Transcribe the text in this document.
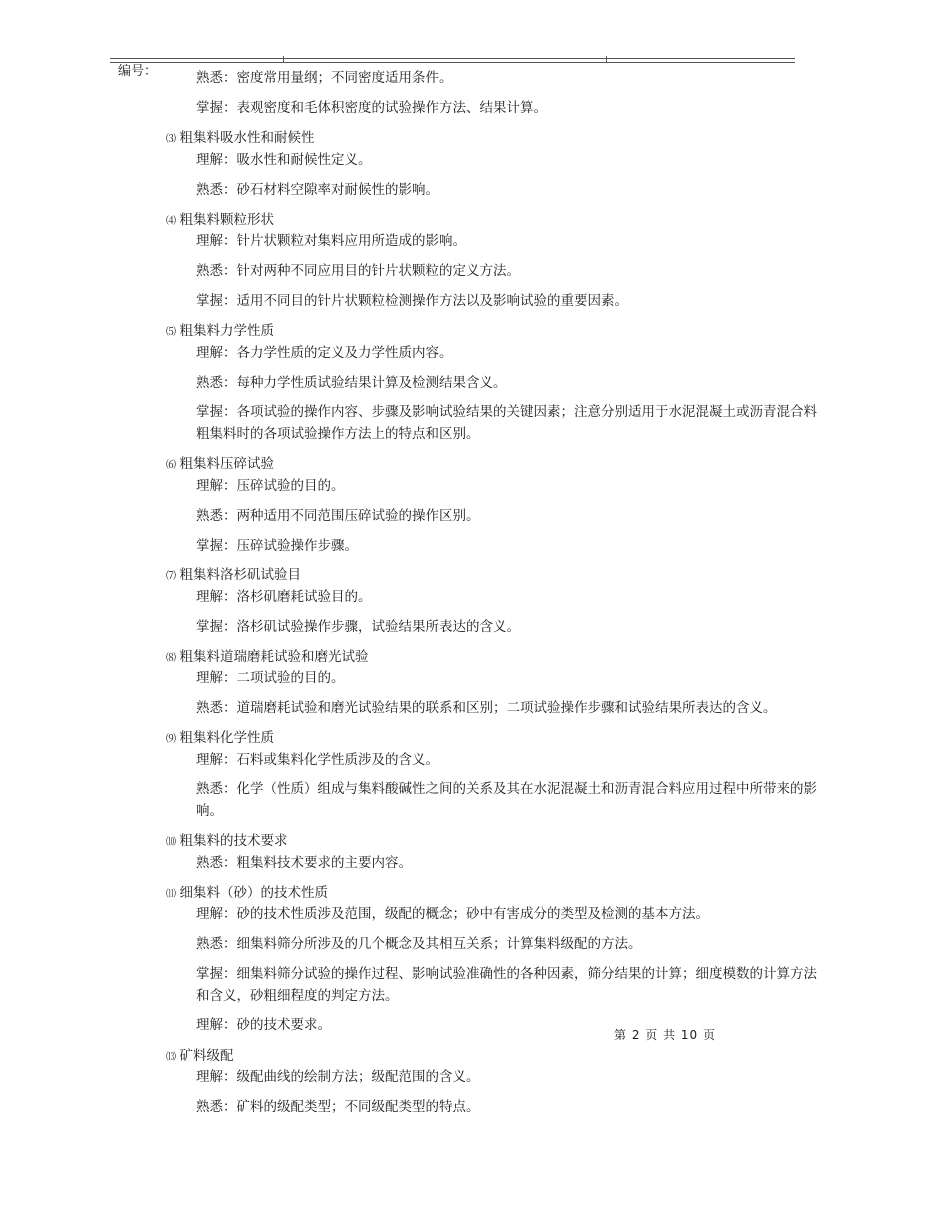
编号：	熟悉：密度常用量纲；不同密度适用条件。
掌握：表观密度和毛体积密度的试验操作方法、结果计算。
⑶ 粗集料吸水性和耐候性
理解：吸水性和耐候性定义。
熟悉：砂石材料空隙率对耐候性的影响。
⑷ 粗集料颗粒形状
理解：针片状颗粒对集料应用所造成的影响。
熟悉：针对两种不同应用目的针片状颗粒的定义方法。
掌握：适用不同目的针片状颗粒检测操作方法以及影响试验的重要因素。
⑸ 粗集料力学性质
理解：各力学性质的定义及力学性质内容。
熟悉：每种力学性质试验结果计算及检测结果含义。
掌握：各项试验的操作内容、步骤及影响试验结果的关键因素；注意分别适用于水泥混凝土或沥青混合料粗集料时的各项试验操作方法上的特点和区别。
⑹ 粗集料压碎试验
理解：压碎试验的目的。
熟悉：两种适用不同范围压碎试验的操作区别。
掌握：压碎试验操作步骤。
⑺ 粗集料洛杉矶试验目
理解：洛杉矶磨耗试验目的。
掌握：洛杉矶试验操作步骤，试验结果所表达的含义。
⑻ 粗集料道瑞磨耗试验和磨光试验
理解：二项试验的目的。
熟悉：道瑞磨耗试验和磨光试验结果的联系和区别；二项试验操作步骤和试验结果所表达的含义。
⑼ 粗集料化学性质
理解：石料或集料化学性质涉及的含义。
熟悉：化学（性质）组成与集料酸碱性之间的关系及其在水泥混凝土和沥青混合料应用过程中所带来的影响。
⑽ 粗集料的技术要求
熟悉：粗集料技术要求的主要内容。
⑾ 细集料（砂）的技术性质
理解：砂的技术性质涉及范围，级配的概念；砂中有害成分的类型及检测的基本方法。
熟悉：细集料筛分所涉及的几个概念及其相互关系；计算集料级配的方法。
掌握：细集料筛分试验的操作过程、影响试验准确性的各种因素，筛分结果的计算；细度模数的计算方法和含义，砂粗细程度的判定方法。
理解：砂的技术要求。
第 2 页 共 10 页
⒀ 矿料级配
理解：级配曲线的绘制方法；级配范围的含义。
熟悉：矿料的级配类型；不同级配类型的特点。
